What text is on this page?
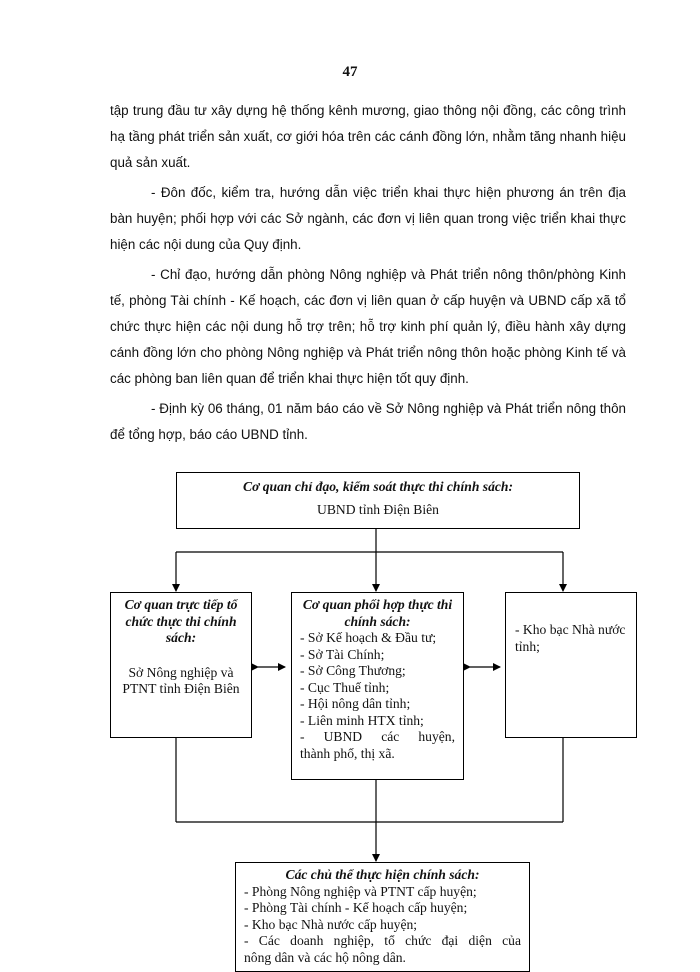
47

tập trung đầu tư xây dựng hệ thống kênh mương, giao thông nội đồng, các công trình hạ tầng phát triển sản xuất, cơ giới hóa trên các cánh đồng lớn, nhằm tăng nhanh hiệu quả sản xuất.

- Đôn đốc, kiểm tra, hướng dẫn việc triển khai thực hiện phương án trên địa bàn huyện; phối hợp với các Sở ngành, các đơn vị liên quan trong việc triển khai thực hiện các nội dung của Quy định.

- Chỉ đạo, hướng dẫn phòng Nông nghiệp và Phát triển nông thôn/phòng Kinh tế, phòng Tài chính - Kế hoạch, các đơn vị liên quan ở cấp huyện và UBND cấp xã tổ chức thực hiện các nội dung hỗ trợ trên; hỗ trợ kinh phí quản lý, điều hành xây dựng cánh đồng lớn cho phòng Nông nghiệp và Phát triển nông thôn hoặc phòng Kinh tế và các phòng ban liên quan để triển khai thực hiện tốt quy định.

- Định kỳ 06 tháng, 01 năm báo cáo về Sở Nông nghiệp và Phát triển nông thôn để tổng hợp, báo cáo UBND tỉnh.

Cơ quan chỉ đạo, kiểm soát thực thi chính sách:
UBND tỉnh Điện Biên
Cơ quan trực tiếp tổ chức thực thi chính sách:
Sở Nông nghiệp và PTNT tỉnh Điện Biên
Cơ quan phối hợp thực thi chính sách:
- Sở Kế hoạch & Đầu tư;
- Sở Tài Chính;
- Sở Công Thương;
- Cục Thuế tỉnh;
- Hội nông dân tỉnh;
- Liên minh HTX tỉnh;
- UBND các huyện,
thành phố, thị xã.
- Kho bạc Nhà nước tỉnh;
Các chủ thể thực hiện chính sách:
- Phòng Nông nghiệp và PTNT cấp huyện;
- Phòng Tài chính - Kế hoạch cấp huyện;
- Kho bạc Nhà nước cấp huyện;
- Các doanh nghiệp, tổ chức đại diện của
nông dân và các hộ nông dân.
